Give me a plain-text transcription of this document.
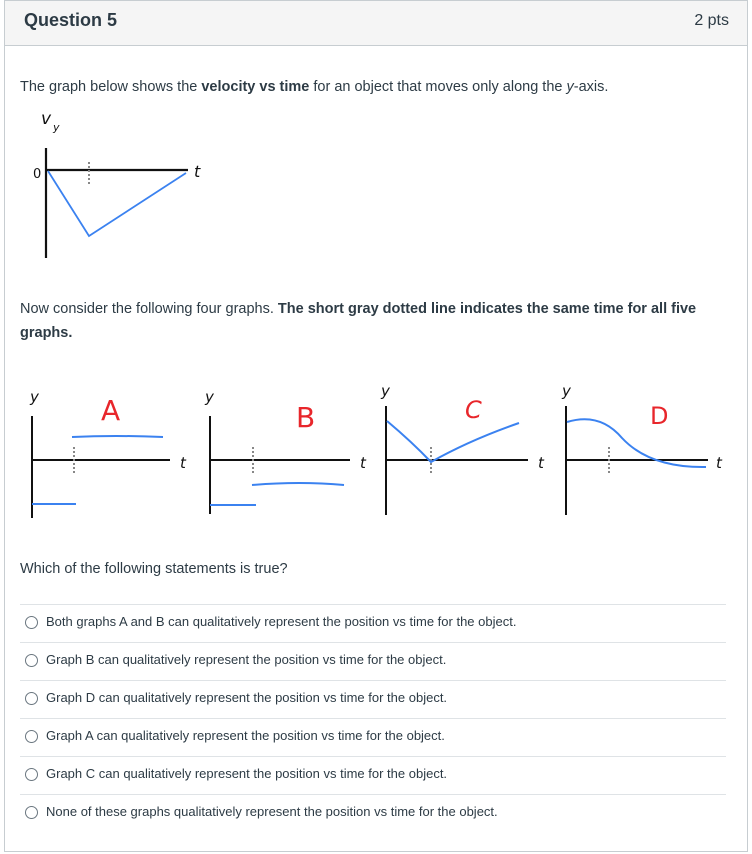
Question 5	2 pts
The graph below shows the velocity vs time for an object that moves only along the y-axis.
v y
0	t
Now consider the following four graphs. The short gray dotted line indicates the same time for all five graphs.
y A
t
y
B
t
y
C
t
y
D
t
Which of the following statements is true?
Both graphs A and B can qualitatively represent the position vs time for the object.
Graph B can qualitatively represent the position vs time for the object.
Graph D can qualitatively represent the position vs time for the object.
Graph A can qualitatively represent the position vs time for the object.
Graph C can qualitatively represent the position vs time for the object.
None of these graphs qualitatively represent the position vs time for the object.
